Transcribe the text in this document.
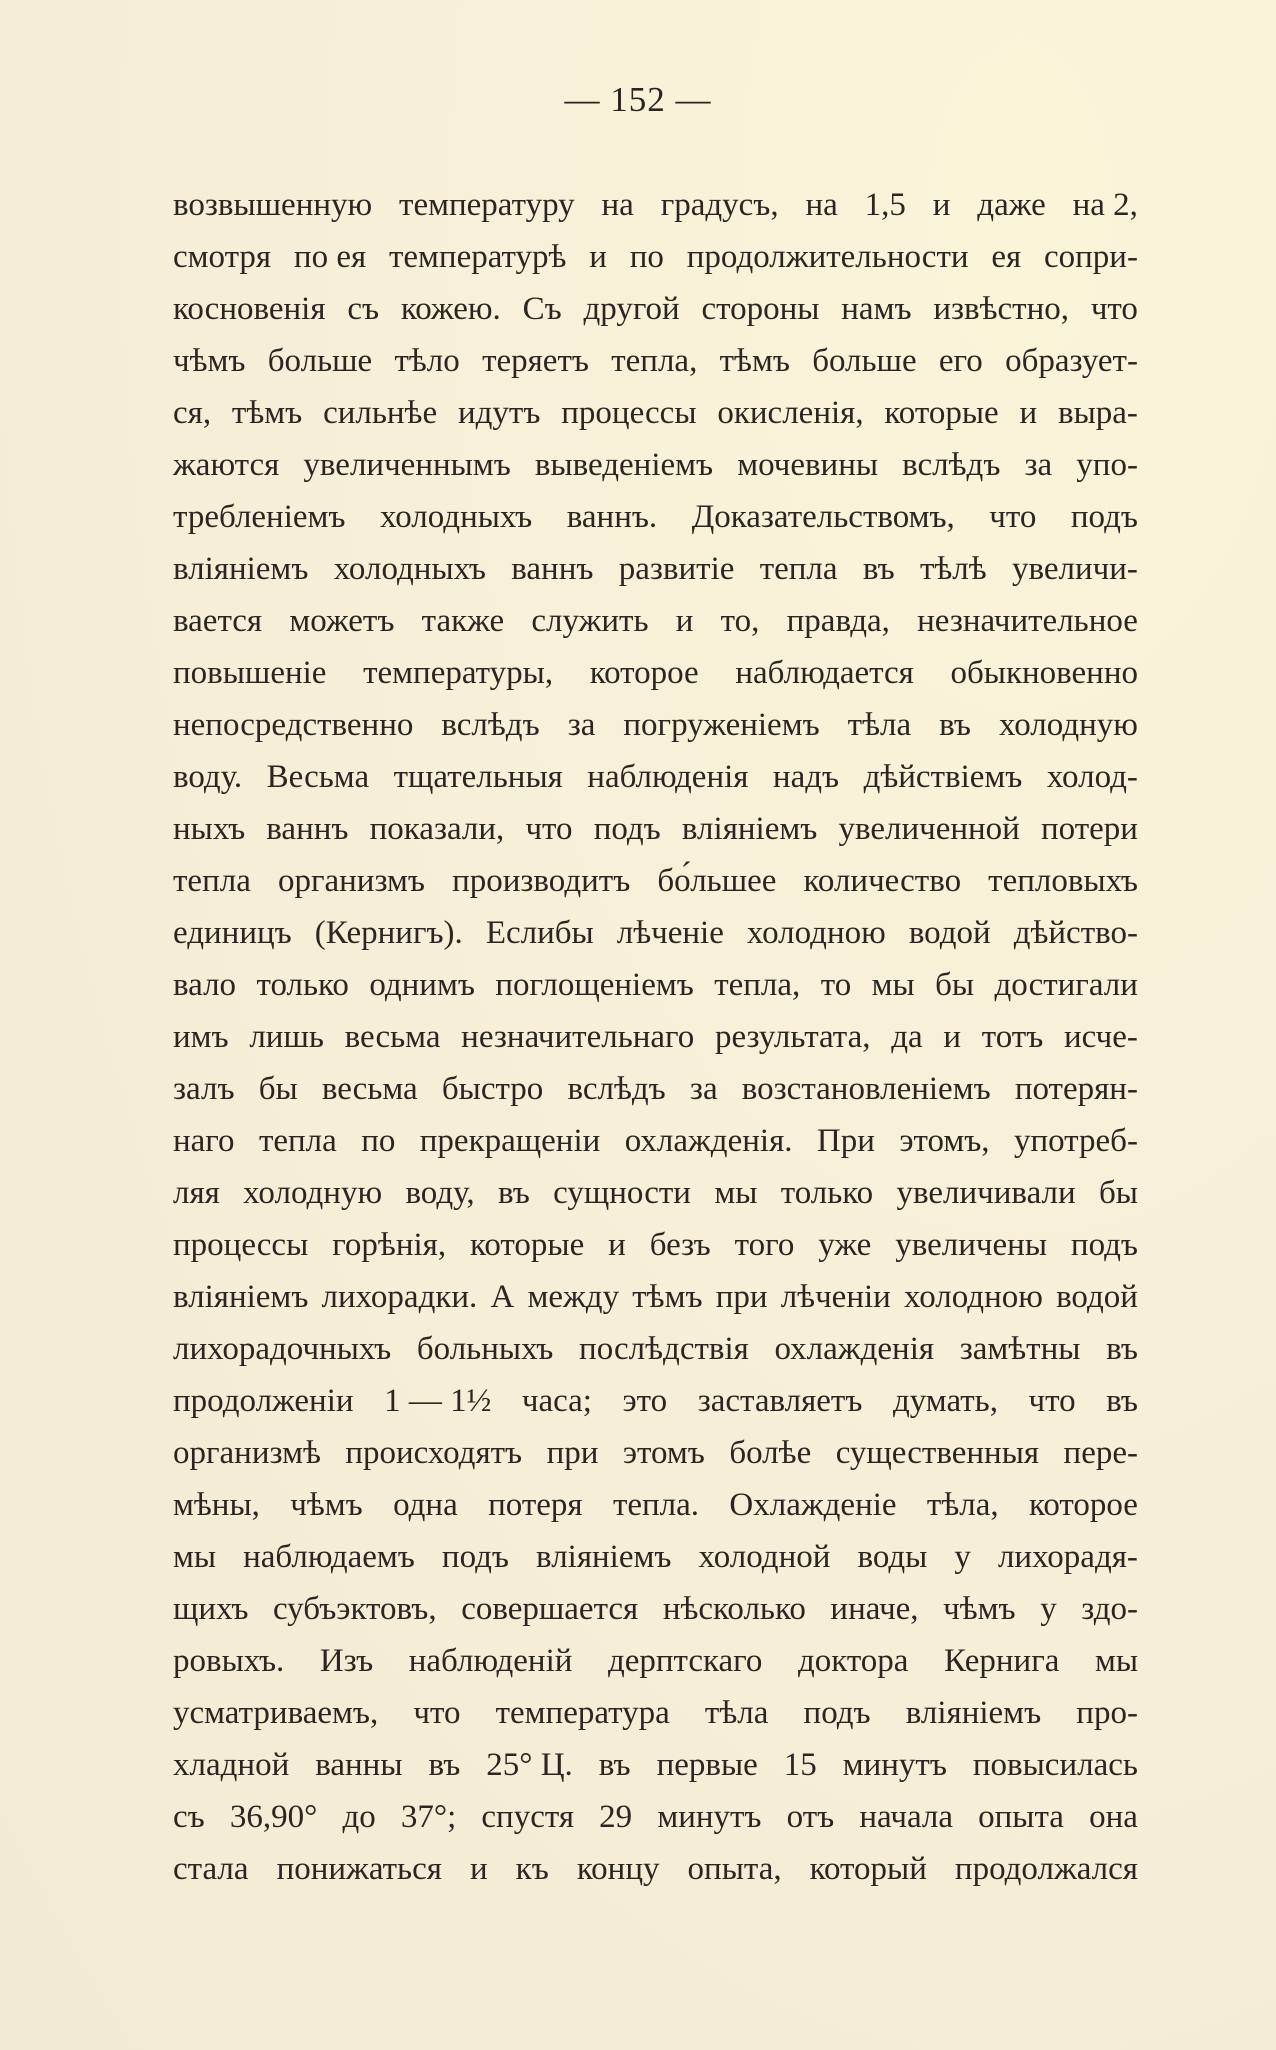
— 152 —
возвышенную температуру на градусъ, на 1,5 и даже на 2,
смотря по ея температурѣ и по продолжительности ея сопри-
косновенія съ кожею. Съ другой стороны намъ извѣстно, что
чѣмъ больше тѣло теряетъ тепла, тѣмъ больше его образует-
ся, тѣмъ сильнѣе идутъ процессы окисленія, которые и выра-
жаются увеличеннымъ выведеніемъ мочевины вслѣдъ за упо-
требленіемъ холодныхъ ваннъ. Доказательствомъ, что подъ
вліяніемъ холодныхъ ваннъ развитіе тепла въ тѣлѣ увеличи-
вается можетъ также служить и то, правда, незначительное
повышеніе температуры, которое наблюдается обыкновенно
непосредственно вслѣдъ за погруженіемъ тѣла въ холодную
воду. Весьма тщательныя наблюденія надъ дѣйствіемъ холод-
ныхъ ваннъ показали, что подъ вліяніемъ увеличенной потери
тепла организмъ производитъ бо́льшее количество тепловыхъ
единицъ (Кернигъ). Еслибы лѣченіе холодною водой дѣйство-
вало только однимъ поглощеніемъ тепла, то мы бы достигали
имъ лишь весьма незначительнаго результата, да и тотъ исче-
залъ бы весьма быстро вслѣдъ за возстановленіемъ потерян-
наго тепла по прекращеніи охлажденія. При этомъ, употреб-
ляя холодную воду, въ сущности мы только увеличивали бы
процессы горѣнія, которые и безъ того уже увеличены подъ
вліяніемъ лихорадки. А между тѣмъ при лѣченіи холодною водой
лихорадочныхъ больныхъ послѣдствія охлажденія замѣтны въ
продолженіи 1 — 1½ часа; это заставляетъ думать, что въ
организмѣ происходятъ при этомъ болѣе существенныя пере-
мѣны, чѣмъ одна потеря тепла. Охлажденіе тѣла, которое
мы наблюдаемъ подъ вліяніемъ холодной воды у лихорадя-
щихъ субъэктовъ, совершается нѣсколько иначе, чѣмъ у здо-
ровыхъ. Изъ наблюденій дерптскаго доктора Кернига мы
усматриваемъ, что температура тѣла подъ вліяніемъ про-
хладной ванны въ 25° Ц. въ первые 15 минутъ повысилась
съ 36,90° до 37°; спустя 29 минутъ отъ начала опыта она
стала понижаться и къ концу опыта, который продолжался
